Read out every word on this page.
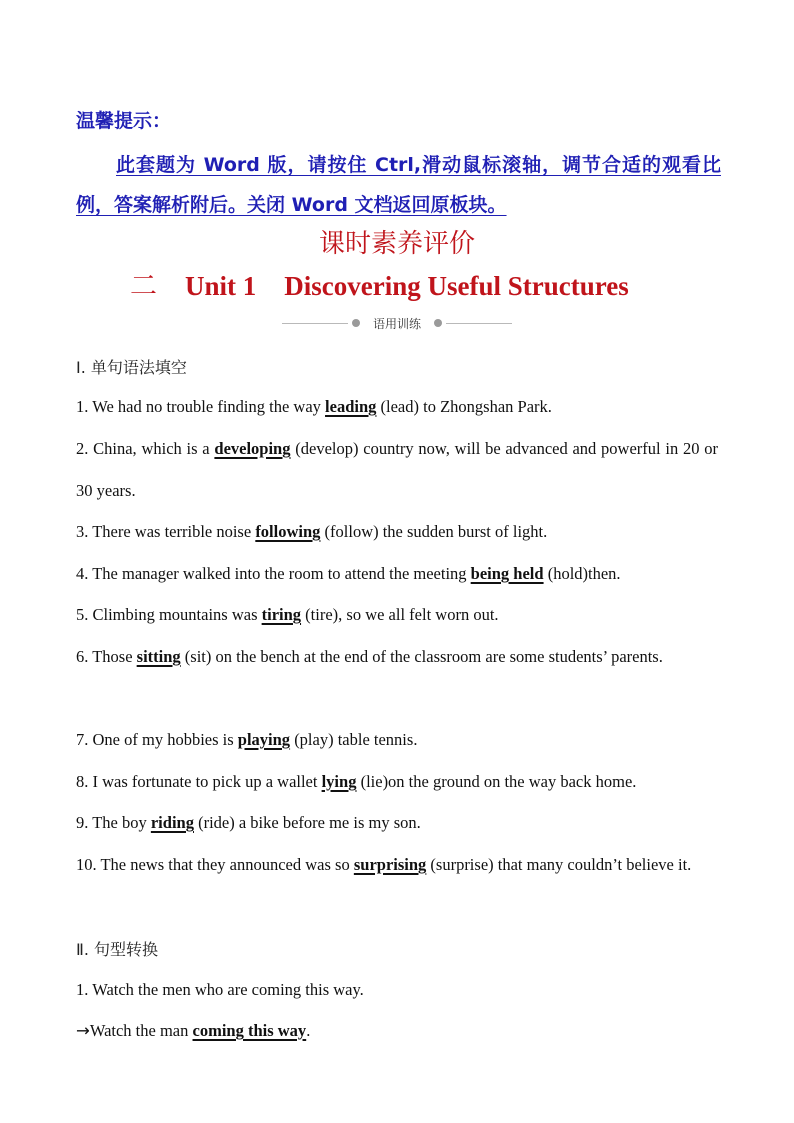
温馨提示：
此套题为 Word 版，请按住 Ctrl,滑动鼠标滚轴，调节合适的观看比例，答案解析附后。关闭 Word 文档返回原板块。
课时素养评价
二 Unit 1 Discovering Useful Structures
语用训练
Ⅰ. 单句语法填空
1. We had no trouble finding the way leading (lead) to Zhongshan Park.
2. China, which is a developing (develop) country now, will be advanced and powerful in 20 or 30 years.
3. There was terrible noise following (follow) the sudden burst of light.
4. The manager walked into the room to attend the meeting being held (hold)then.
5. Climbing mountains was tiring (tire), so we all felt worn out.
6. Those sitting (sit) on the bench at the end of the classroom are some students’ parents.
7. One of my hobbies is playing (play) table tennis.
8. I was fortunate to pick up a wallet lying (lie)on the ground on the way back home.
9. The boy riding (ride) a bike before me is my son.
10. The news that they announced was so surprising (surprise) that many couldn’t believe it.
Ⅱ. 句型转换
1. Watch the men who are coming this way.
→Watch the man coming this way.
